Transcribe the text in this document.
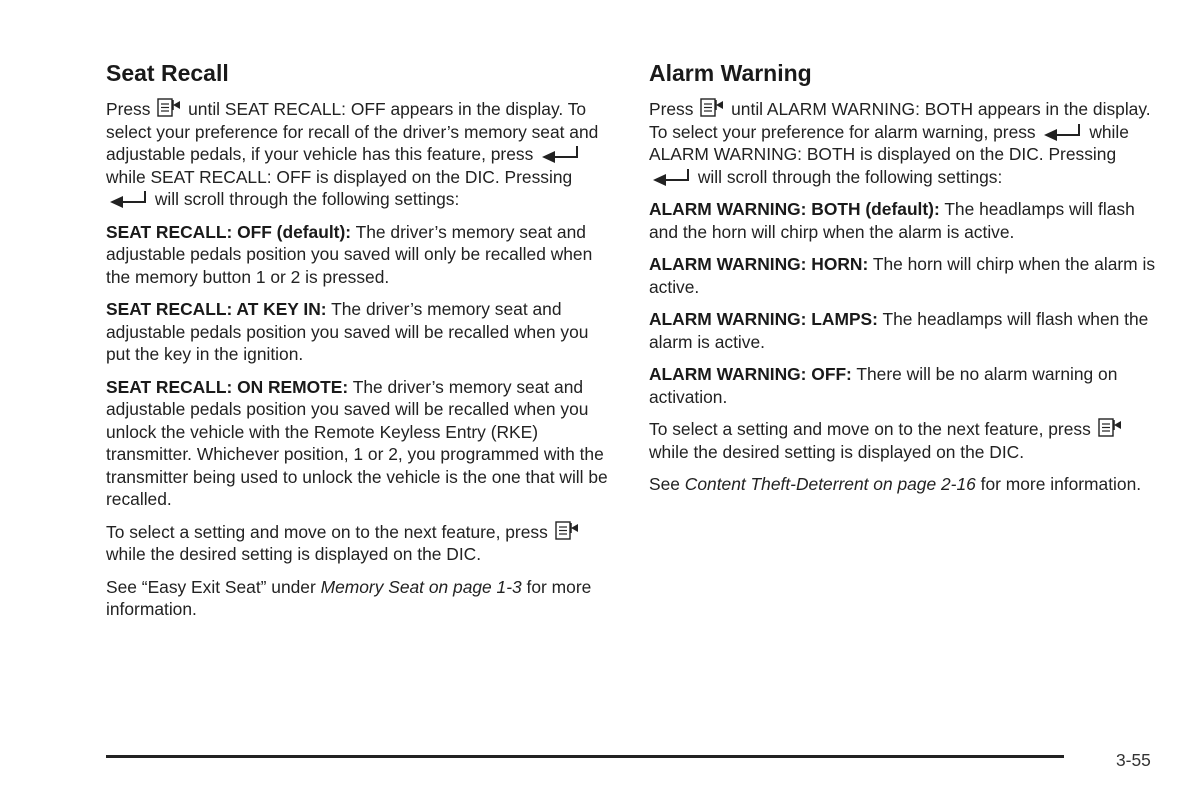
Seat Recall

Press until SEAT RECALL: OFF appears in the display. To select your preference for recall of the driver’s memory seat and adjustable pedals, if your vehicle has this feature, press
while SEAT RECALL: OFF is displayed on the DIC. Pressing
will scroll through the following settings:

SEAT RECALL: OFF (default): The driver’s memory seat and adjustable pedals position you saved will only be recalled when the memory button 1 or 2 is pressed.

SEAT RECALL: AT KEY IN: The driver’s memory seat and adjustable pedals position you saved will be recalled when you put the key in the ignition.

SEAT RECALL: ON REMOTE: The driver’s memory seat and adjustable pedals position you saved will be recalled when you unlock the vehicle with the Remote Keyless Entry (RKE) transmitter. Whichever position, 1 or 2, you programmed with the transmitter being used to unlock the vehicle is the one that will be recalled.

To select a setting and move on to the next feature, press
while the desired setting is displayed on the DIC.

See “Easy Exit Seat” under Memory Seat on page 1-3 for more information.

Alarm Warning

Press until ALARM WARNING: BOTH appears in the display. To select your preference for alarm warning, press	while ALARM WARNING: BOTH is displayed on the DIC. Pressing
will scroll through the following settings:

ALARM WARNING: BOTH (default): The headlamps will flash and the horn will chirp when the alarm is active.

ALARM WARNING: HORN: The horn will chirp when the alarm is active.

ALARM WARNING: LAMPS: The headlamps will flash when the alarm is active.

ALARM WARNING: OFF: There will be no alarm warning on activation.

To select a setting and move on to the next feature, press
while the desired setting is displayed on the DIC.

See Content Theft-Deterrent on page 2-16 for more information.

3-55
